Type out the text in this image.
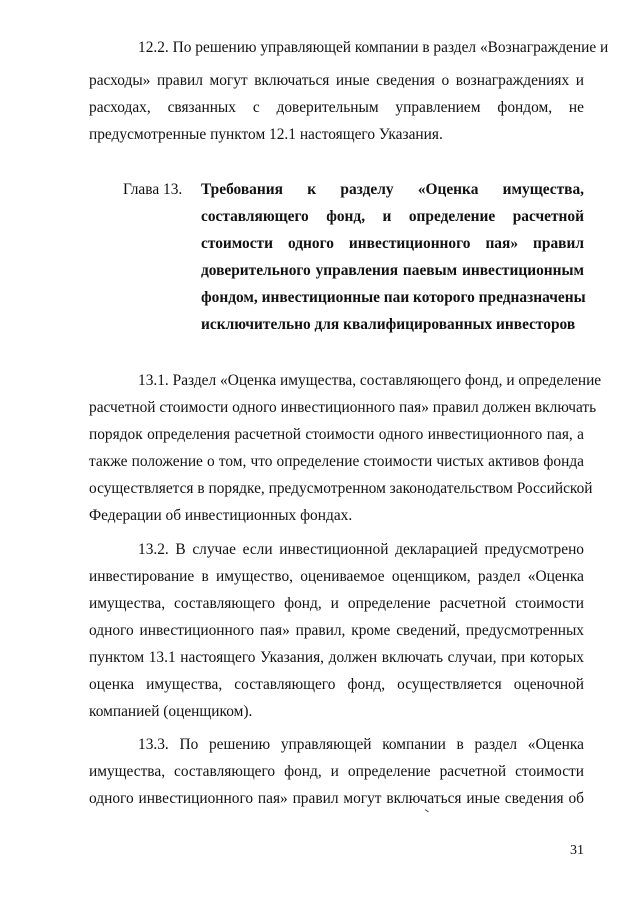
12.2. По решению управляющей компании в раздел «Вознаграждение и
расходы» правил могут включаться иные сведения о вознаграждениях и
расходах, связанных с доверительным управлением фондом, не
предусмотренные пунктом 12.1 настоящего Указания.
Глава 13. Требования к разделу «Оценка имущества,
составляющего фонд, и определение расчетной
стоимости одного инвестиционного пая» правил
доверительного управления паевым инвестиционным
фондом, инвестиционные паи которого предназначены
исключительно для квалифицированных инвесторов
13.1. Раздел «Оценка имущества, составляющего фонд, и определение
расчетной стоимости одного инвестиционного пая» правил должен включать
порядок определения расчетной стоимости одного инвестиционного пая, а
также положение о том, что определение стоимости чистых активов фонда
осуществляется в порядке, предусмотренном законодательством Российской
Федерации об инвестиционных фондах.
13.2. В случае если инвестиционной декларацией предусмотрено
инвестирование в имущество, оцениваемое оценщиком, раздел «Оценка
имущества, составляющего фонд, и определение расчетной стоимости
одного инвестиционного пая» правил, кроме сведений, предусмотренных
пунктом 13.1 настоящего Указания, должен включать случаи, при которых
оценка имущества, составляющего фонд, осуществляется оценочной
компанией (оценщиком).
13.3. По решению управляющей компании в раздел «Оценка
имущества, составляющего фонд, и определение расчетной стоимости
одного инвестиционного пая» правил могут включаться иные сведения об
31
